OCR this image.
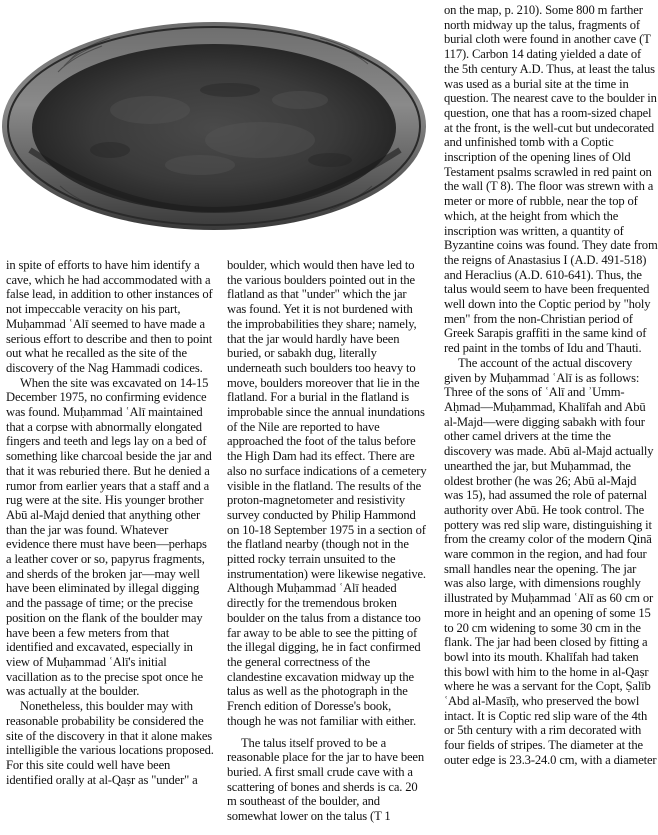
in spite of efforts to have him identify a cave, which he had accommodated with a false lead, in addition to other instances of not impeccable veracity on his part, Muḥammad ʿAlī seemed to have made a serious effort to describe and then to point out what he recalled as the site of the discovery of the Nag Hammadi codices.

When the site was excavated on 14-15 December 1975, no confirming evidence was found. Muḥammad ʿAlī maintained that a corpse with abnormally elongated fingers and teeth and legs lay on a bed of something like charcoal beside the jar and that it was reburied there. But he denied a rumor from earlier years that a staff and a rug were at the site. His younger brother Abū al-Majd denied that anything other than the jar was found. Whatever evidence there must have been—perhaps a leather cover or so, papyrus fragments, and sherds of the broken jar—may well have been eliminated by illegal digging and the passage of time; or the precise position on the flank of the boulder may have been a few meters from that identified and excavated, especially in view of Muḥammad ʿAlī's initial vacillation as to the precise spot once he was actually at the boulder.

Nonetheless, this boulder may with reasonable probability be considered the site of the discovery in that it alone makes intelligible the various locations proposed. For this site could well have been identified orally at al-Qaṣr as "under" a

boulder, which would then have led to the various boulders pointed out in the flatland as that "under" which the jar was found. Yet it is not burdened with the improbabilities they share; namely, that the jar would hardly have been buried, or sabakh dug, literally underneath such boulders too heavy to move, boulders moreover that lie in the flatland. For a burial in the flatland is improbable since the annual inundations of the Nile are reported to have approached the foot of the talus before the High Dam had its effect. There are also no surface indications of a cemetery visible in the flatland. The results of the proton-magnetometer and resistivity survey conducted by Philip Hammond on 10-18 September 1975 in a section of the flatland nearby (though not in the pitted rocky terrain unsuited to the instrumentation) were likewise negative. Although Muḥammad ʿAlī headed directly for the tremendous broken boulder on the talus from a distance too far away to be able to see the pitting of the illegal digging, he in fact confirmed the general correctness of the clandestine excavation midway up the talus as well as the photograph in the French edition of Doresse's book, though he was not familiar with either.

The talus itself proved to be a reasonable place for the jar to have been buried. A first small crude cave with a scattering of bones and sherds is ca. 20 m southeast of the boulder, and somewhat lower on the talus (T 1

on the map, p. 210). Some 800 m farther north midway up the talus, fragments of burial cloth were found in another cave (T 117). Carbon 14 dating yielded a date of the 5th century A.D. Thus, at least the talus was used as a burial site at the time in question. The nearest cave to the boulder in question, one that has a room-sized chapel at the front, is the well-cut but undecorated and unfinished tomb with a Coptic inscription of the opening lines of Old Testament psalms scrawled in red paint on the wall (T 8). The floor was strewn with a meter or more of rubble, near the top of which, at the height from which the inscription was written, a quantity of Byzantine coins was found. They date from the reigns of Anastasius I (A.D. 491-518) and Heraclius (A.D. 610-641). Thus, the talus would seem to have been frequented well down into the Coptic period by "holy men" from the non-Christian period of Greek Sarapis graffiti in the same kind of red paint in the tombs of Idu and Thauti.

The account of the actual discovery given by Muḥammad ʿAlī is as follows: Three of the sons of ʿAlī and ʾUmm-Aḥmad—Muḥammad, Khalīfah and Abū al-Majd—were digging sabakh with four other camel drivers at the time the discovery was made. Abū al-Majd actually unearthed the jar, but Muḥammad, the oldest brother (he was 26; Abū al-Majd was 15), had assumed the role of paternal authority over Abū. He took control. The pottery was red slip ware, distinguishing it from the creamy color of the modern Qinā ware common in the region, and had four small handles near the opening. The jar was also large, with dimensions roughly illustrated by Muḥammad ʿAlī as 60 cm or more in height and an opening of some 15 to 20 cm widening to some 30 cm in the flank. The jar had been closed by fitting a bowl into its mouth. Khalīfah had taken this bowl with him to the home in al-Qaṣr where he was a servant for the Copt, Ṣalīb ʿAbd al-Masīḥ, who preserved the bowl intact. It is Coptic red slip ware of the 4th or 5th century with a rim decorated with four fields of stripes. The diameter at the outer edge is 23.3-24.0 cm, with a diameter
